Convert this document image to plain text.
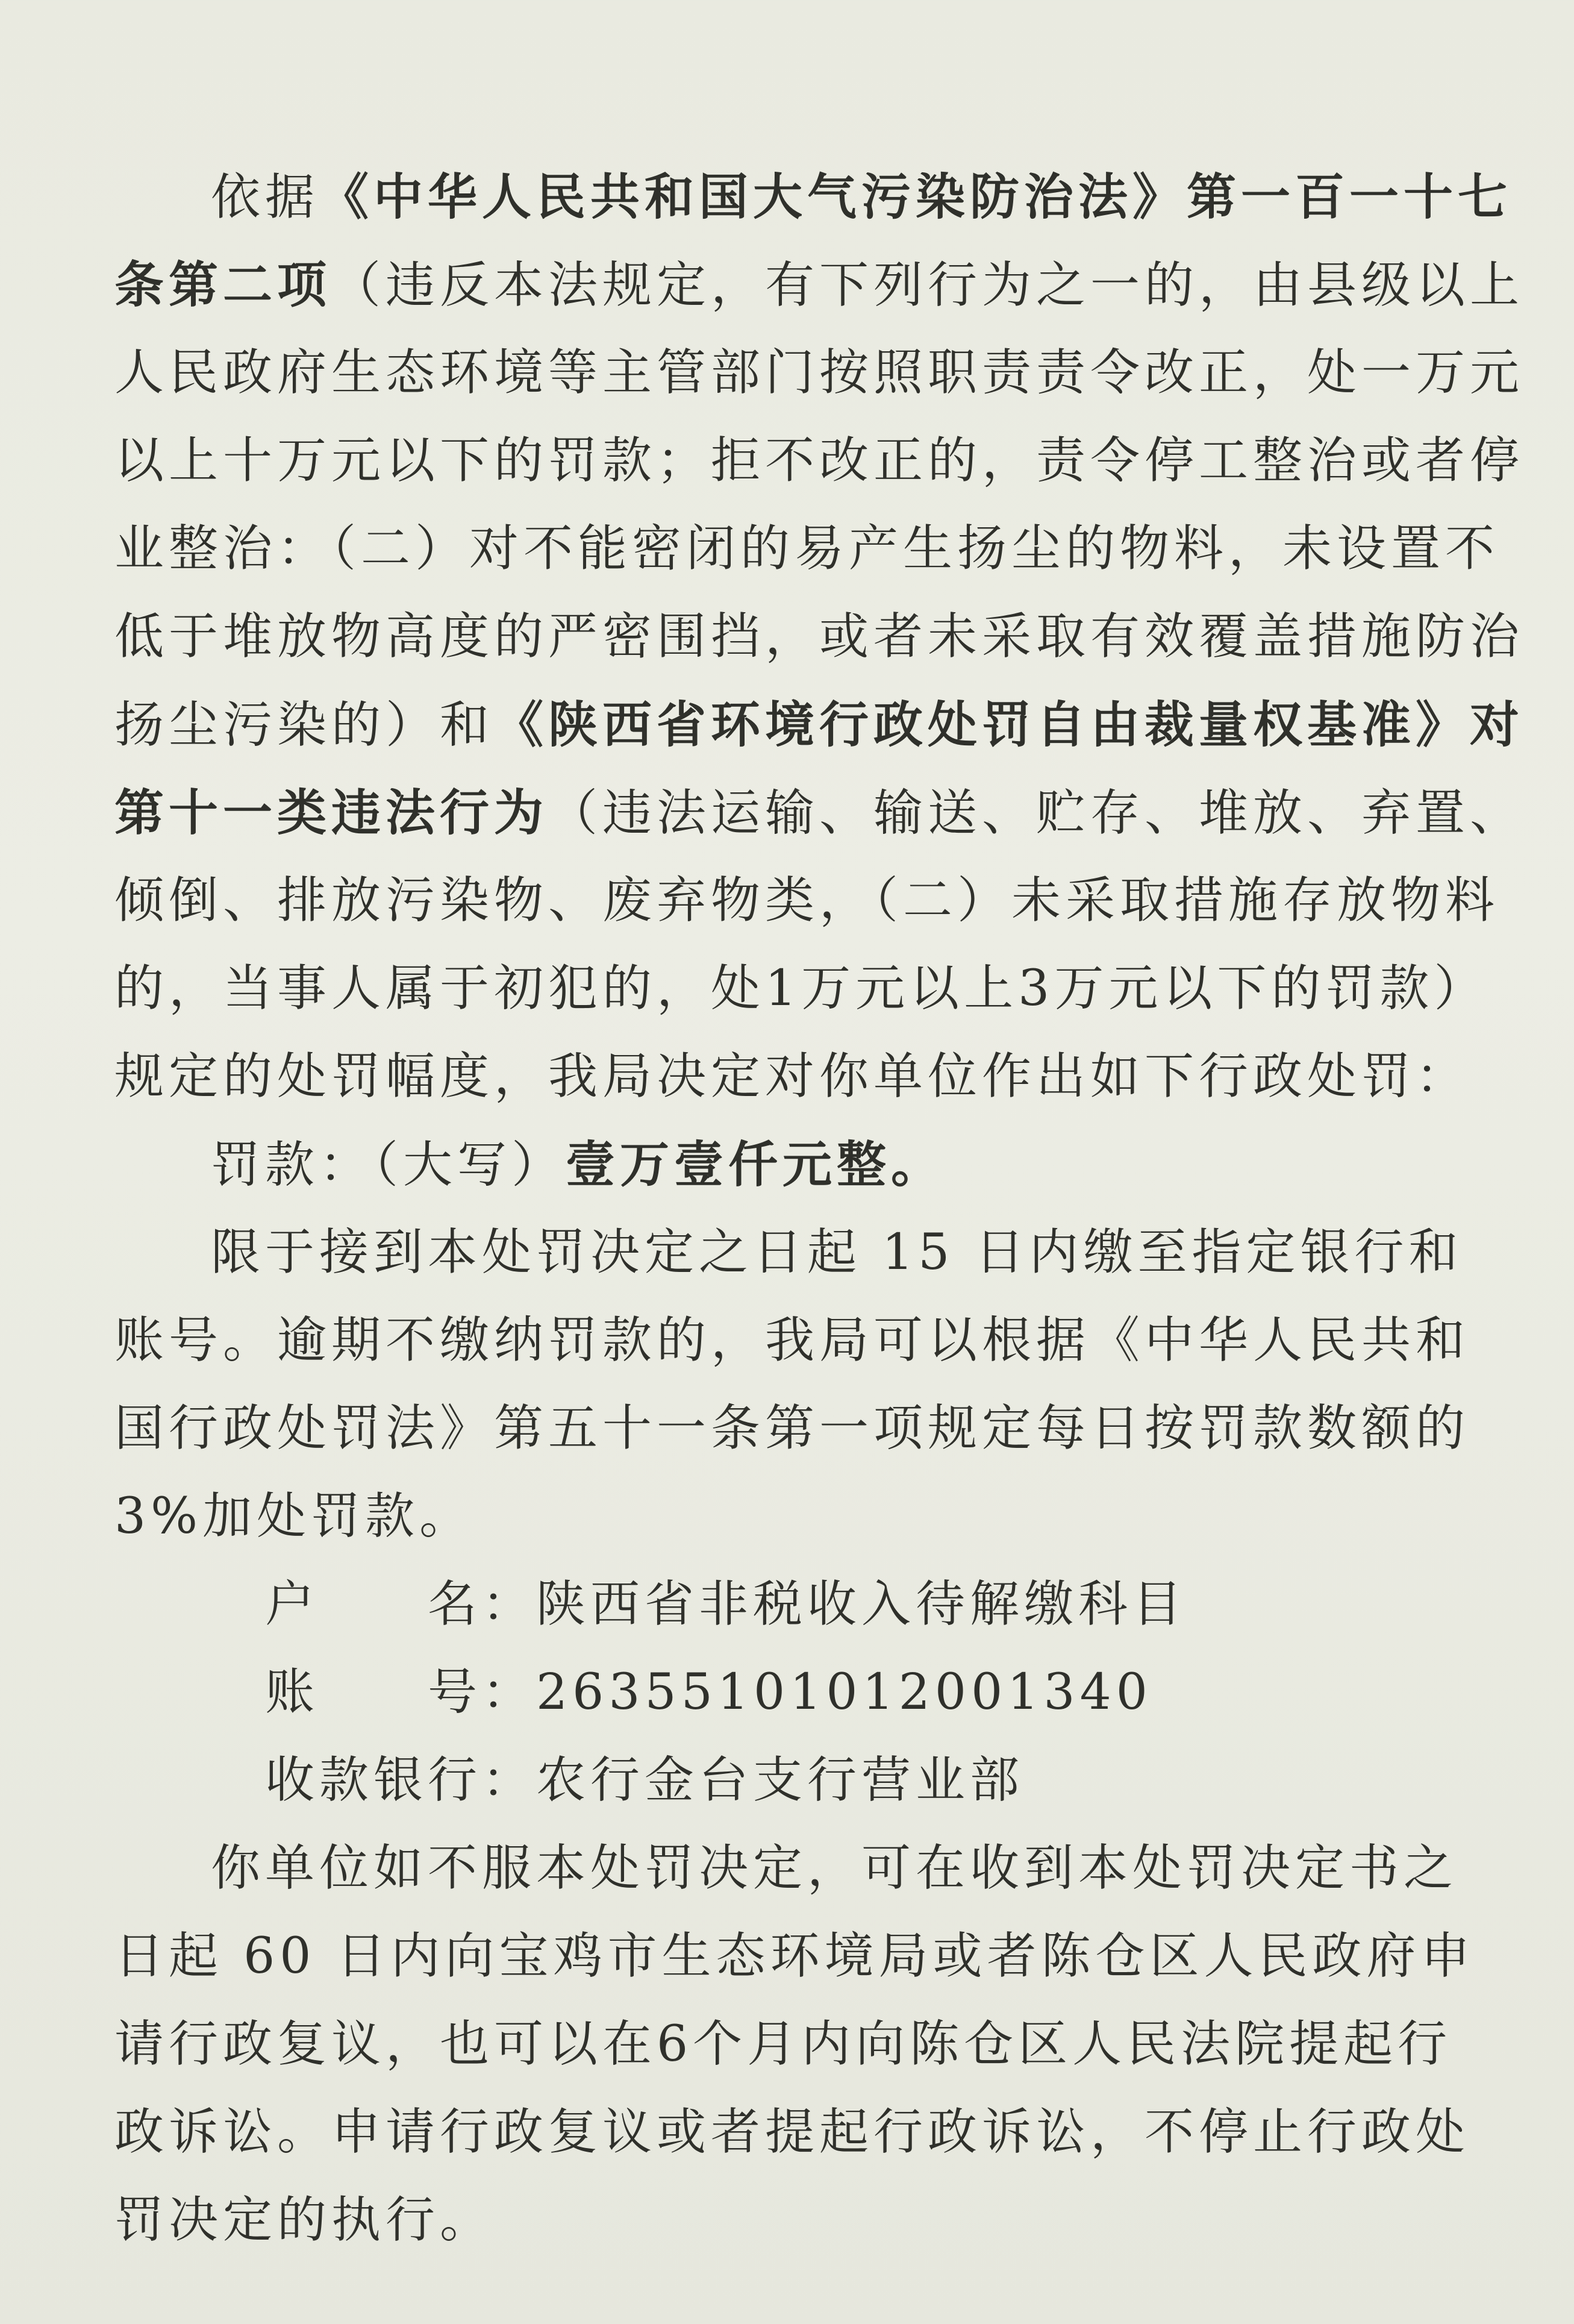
依据《中华人民共和国大气污染防治法》第一百一十七
条第二项（违反本法规定，有下列行为之一的，由县级以上
人民政府生态环境等主管部门按照职责责令改正，处一万元
以上十万元以下的罚款；拒不改正的，责令停工整治或者停
业整治：（二）对不能密闭的易产生扬尘的物料，未设置不
低于堆放物高度的严密围挡，或者未采取有效覆盖措施防治
扬尘污染的）和《陕西省环境行政处罚自由裁量权基准》对
第十一类违法行为（违法运输、输送、贮存、堆放、弃置、
倾倒、排放污染物、废弃物类，（二）未采取措施存放物料
的，当事人属于初犯的，处1万元以上3万元以下的罚款）
规定的处罚幅度，我局决定对你单位作出如下行政处罚：
罚款：（大写）壹万壹仟元整。
限于接到本处罚决定之日起 15 日内缴至指定银行和
账号。逾期不缴纳罚款的，我局可以根据《中华人民共和
国行政处罚法》第五十一条第一项规定每日按罚款数额的
3%加处罚款。
户　　名：陕西省非税收入待解缴科目
账　　号：26355101012001340
收款银行：农行金台支行营业部
你单位如不服本处罚决定，可在收到本处罚决定书之
日起 60 日内向宝鸡市生态环境局或者陈仓区人民政府申
请行政复议，也可以在6个月内向陈仓区人民法院提起行
政诉讼。申请行政复议或者提起行政诉讼，不停止行政处
罚决定的执行。
